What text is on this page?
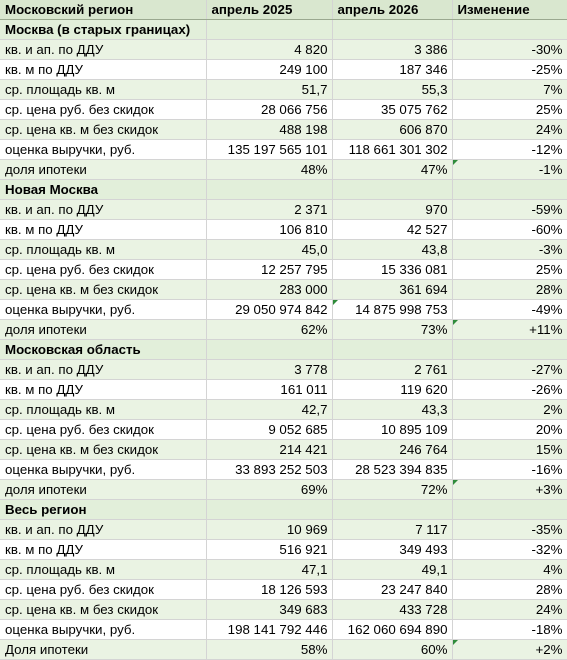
Московский регион	апрель 2025	апрель 2026	Изменение
Москва (в старых границах)			
кв. и ап. по ДДУ	4 820	3 386	-30%
кв. м по ДДУ	249 100	187 346	-25%
ср. площадь кв. м	51,7	55,3	7%
ср. цена руб. без скидок	28 066 756	35 075 762	25%
ср. цена кв. м без скидок	488 198	606 870	24%
оценка выручки, руб.	135 197 565 101	118 661 301 302	-12%
доля ипотеки	48%	47%	-1%
Новая Москва			
кв. и ап. по ДДУ	2 371	970	-59%
кв. м по ДДУ	106 810	42 527	-60%
ср. площадь кв. м	45,0	43,8	-3%
ср. цена руб. без скидок	12 257 795	15 336 081	25%
ср. цена кв. м без скидок	283 000	361 694	28%
оценка выручки, руб.	29 050 974 842	14 875 998 753	-49%
доля ипотеки	62%	73%	+11%
Московская область			
кв. и ап. по ДДУ	3 778	2 761	-27%
кв. м по ДДУ	161 011	119 620	-26%
ср. площадь кв. м	42,7	43,3	2%
ср. цена руб. без скидок	9 052 685	10 895 109	20%
ср. цена кв. м без скидок	214 421	246 764	15%
оценка выручки, руб.	33 893 252 503	28 523 394 835	-16%
доля ипотеки	69%	72%	+3%
Весь регион			
кв. и ап. по ДДУ	10 969	7 117	-35%
кв. м по ДДУ	516 921	349 493	-32%
ср. площадь кв. м	47,1	49,1	4%
ср. цена руб. без скидок	18 126 593	23 247 840	28%
ср. цена кв. м без скидок	349 683	433 728	24%
оценка выручки, руб.	198 141 792 446	162 060 694 890	-18%
Доля ипотеки	58%	60%	+2%
